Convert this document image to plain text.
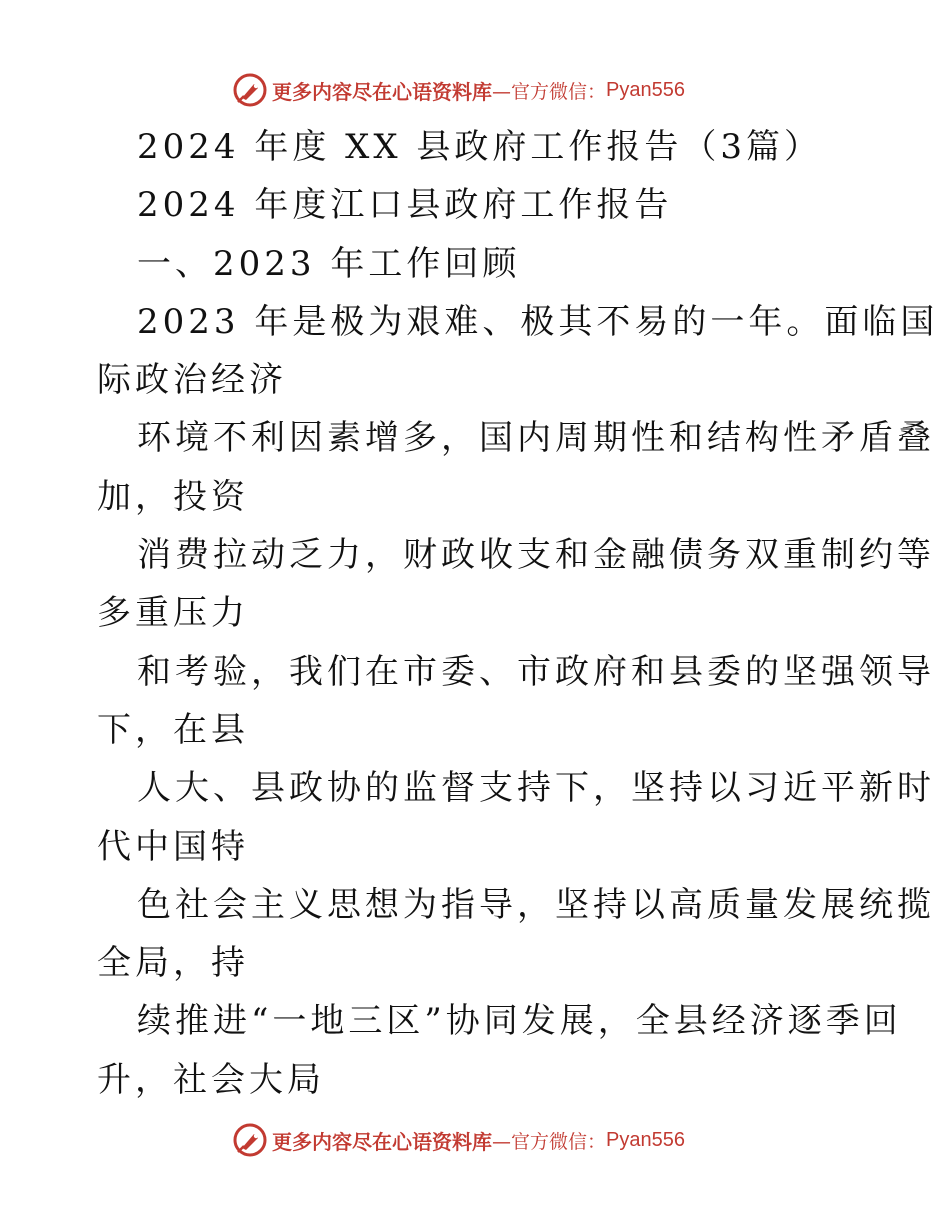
更多内容尽在心语资料库 —官方微信： Pyan556
2024 年度 XX 县政府工作报告（3篇）
2024 年度江口县政府工作报告
一、2023 年工作回顾
2023 年是极为艰难、极其不易的一年。面临国
际政治经济
环境不利因素增多，国内周期性和结构性矛盾叠
加，投资
消费拉动乏力，财政收支和金融债务双重制约等
多重压力
和考验，我们在市委、市政府和县委的坚强领导
下，在县
人大、县政协的监督支持下，坚持以习近平新时
代中国特
色社会主义思想为指导，坚持以高质量发展统揽
全局，持
续推进“一地三区”协同发展，全县经济逐季回
升，社会大局
更多内容尽在心语资料库 —官方微信： Pyan556
